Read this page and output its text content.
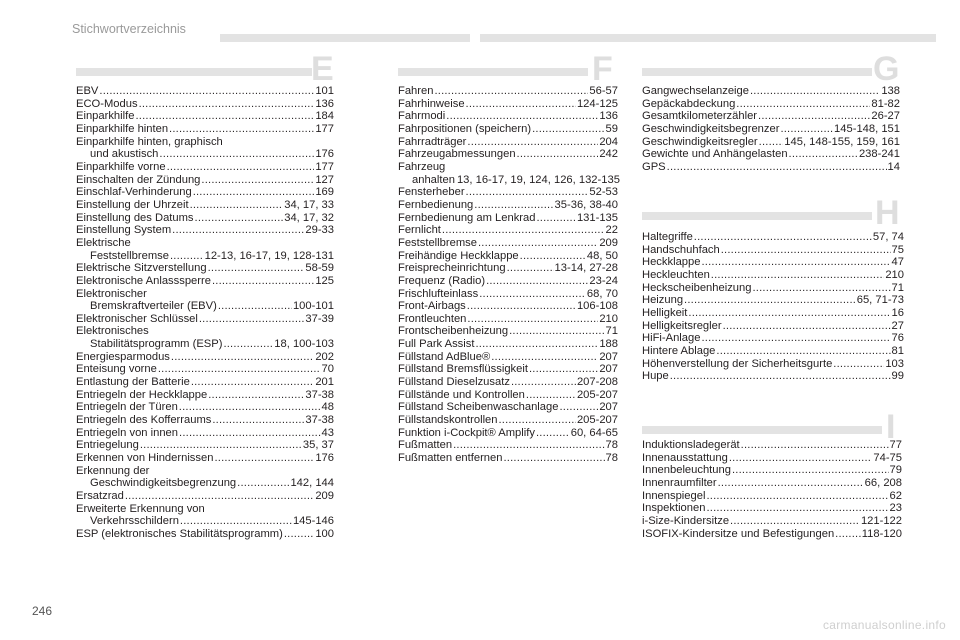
Stichwortverzeichnis
E	F	G
H
I
EBV .....	101
ECO-Modus .....	136
Einparkhilfe .....	184
Einparkhilfe hinten .....	177
Einparkhilfe hinten, graphisch
und akustisch .....	176
Einparkhilfe vorne .....	177
Einschalten der Zündung .....	127
Einschlaf-Verhinderung .....	169
Einstellung der Uhrzeit .....	34, 17, 33
Einstellung des Datums .....	34, 17, 32
Einstellung System .....	29-33
Elektrische
Feststellbremse .....	12-13, 16-17, 19, 128-131
Elektrische Sitzverstellung .....	58-59
Elektronische Anlasssperre .....	125
Elektronischer
Bremskraftverteiler (EBV) .....	100-101
Elektronischer Schlüssel .....	37-39
Elektronisches
Stabilitätsprogramm (ESP) .....	18, 100-103
Energiesparmodus .....	202
Enteisung vorne .....	70
Entlastung der Batterie .....	201
Entriegeln der Heckklappe .....	37-38
Entriegeln der Türen .....	48
Entriegeln des Kofferraums .....	37-38
Entriegeln von innen .....	43
Entriegelung .....	35, 37
Erkennen von Hindernissen .....	176
Erkennung der
Geschwindigkeitsbegrenzung .....	142, 144
Ersatzrad .....	209
Erweiterte Erkennung von
Verkehrsschildern .....	145-146
ESP (elektronisches Stabilitätsprogramm) .....	100
Fahren .....	56-57
Fahrhinweise .....	124-125
Fahrmodi .....	136
Fahrpositionen (speichern) .....	59
Fahrradträger .....	204
Fahrzeugabmessungen .....	242
Fahrzeug
anhalten 13, 16-17, 19, 124, 126, 132-135
Fensterheber .....	52-53
Fernbedienung .....	35-36, 38-40
Fernbedienung am Lenkrad .....	131-135
Fernlicht .....	22
Feststellbremse .....	209
Freihändige Heckklappe .....	48, 50
Freisprecheinrichtung .....	13-14, 27-28
Frequenz (Radio) .....	23-24
Frischlufteinlass .....	68, 70
Front-Airbags .....	106-108
Frontleuchten .....	210
Frontscheibenheizung .....	71
Full Park Assist .....	188
Füllstand AdBlue® .....	207
Füllstand Bremsflüssigkeit .....	207
Füllstand Dieselzusatz .....	207-208
Füllstände und Kontrollen .....	205-207
Füllstand Scheibenwaschanlage .....	207
Füllstandskontrollen .....	205-207
Funktion i-Cockpit® Amplify .....	60, 64-65
Fußmatten .....	78
Fußmatten entfernen .....	78
Gangwechselanzeige .....	138
Gepäckabdeckung .....	81-82
Gesamtkilometerzähler .....	26-27
Geschwindigkeitsbegrenzer .....	145-148, 151
Geschwindigkeitsregler ..... 145, 148-155, 159, 161
Gewichte und Anhängelasten .....	238-241
GPS .....	14
Haltegriffe .....	57, 74
Handschuhfach .....	75
Heckklappe .....	47
Heckleuchten .....	210
Heckscheibenheizung .....	71
Heizung .....	65, 71-73
Helligkeit .....	16
Helligkeitsregler .....	27
HiFi-Anlage .....	76
Hintere Ablage .....	81
Höhenverstellung der Sicherheitsgurte .....	103
Hupe .....	99
Induktionsladegerät .....	77
Innenausstattung .....	74-75
Innenbeleuchtung .....	79
Innenraumfilter .....	66, 208
Innenspiegel .....	62
Inspektionen .....	23
i-Size-Kindersitze .....	121-122
ISOFIX-Kindersitze und Befestigungen ..... 118-120
246
carmanualsonline.info
